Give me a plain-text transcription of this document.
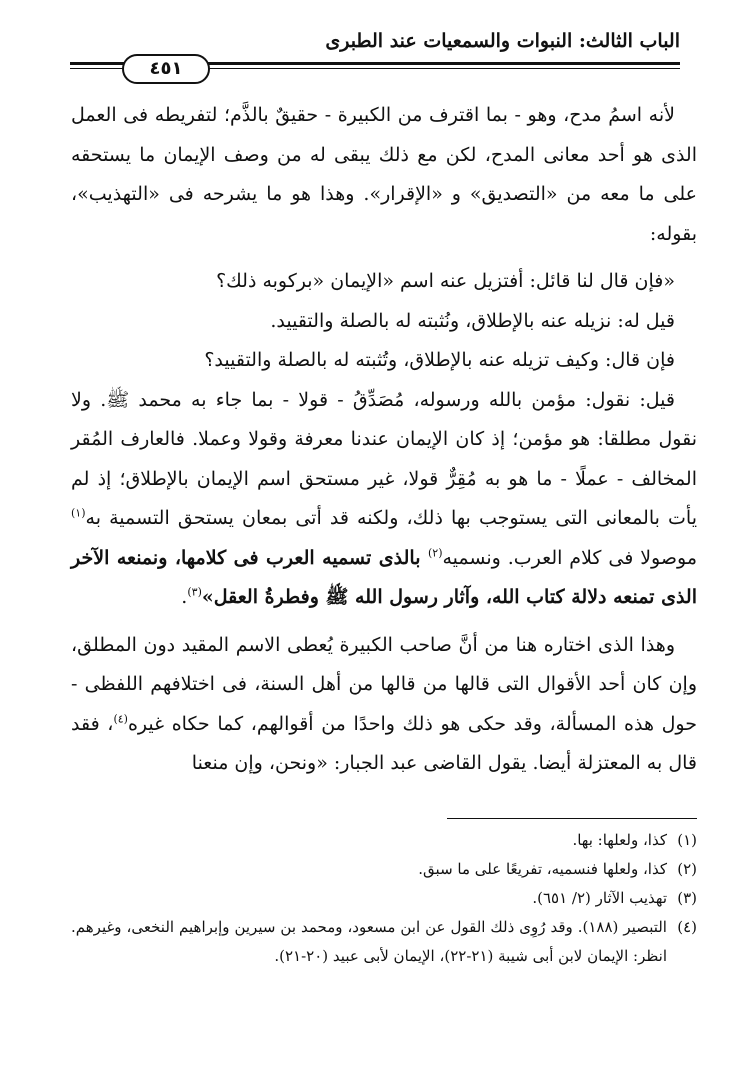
الباب الثالث: النبوات والسمعيات عند الطبرى
٤٥١

لأنه اسمُ مدح، وهو - بما اقترف من الكبيرة - حقيقٌ بالذَّم؛ لتفريطه فى العمل الذى هو أحد معانى المدح، لكن مع ذلك يبقى له من وصف الإيمان ما يستحقه على ما معه من «التصديق» و «الإقرار». وهذا هو ما يشرحه فى «التهذيب»، بقوله:

«فإن قال لنا قائل: أفتزيل عنه اسم «الإيمان «بركوبه ذلك؟

قيل له: نزيله عنه بالإطلاق، ونُثبته له بالصلة والتقييد.

فإن قال: وكيف تزيله عنه بالإطلاق، وتُثبته له بالصلة والتقييد؟

قيل: نقول: مؤمن بالله ورسوله، مُصَدِّقُ - قولا - بما جاء به محمد ﷺ. ولا نقول مطلقا: هو مؤمن؛ إذ كان الإيمان عندنا معرفة وقولا وعملا. فالعارف المُقر المخالف - عملًا - ما هو به مُقِرٌّ قولا، غير مستحق اسم الإيمان بالإطلاق؛ إذ لم يأت بالمعانى التى يستوجب بها ذلك، ولكنه قد أتى بمعان يستحق التسمية به$^{(١)}$ موصولا فى كلام العرب. ونسميه$^{(٢)}$ بالذى تسميه العرب فى كلامها، ونمنعه الآخر الذى تمنعه دلالة كتاب الله، وآثار رسول الله ﷺ وفطرةُ العقل»$^{(٣)}$.

وهذا الذى اختاره هنا من أنَّ صاحب الكبيرة يُعطى الاسم المقيد دون المطلق، وإن كان أحد الأقوال التى قالها من قالها من أهل السنة، فى اختلافهم اللفظى - حول هذه المسألة، وقد حكى هو ذلك واحدًا من أقوالهم، كما حكاه غيره$^{(٤)}$، فقد قال به المعتزلة أيضا. يقول القاضى عبد الجبار: «ونحن، وإن منعنا

(١)
كذا، ولعلها: بها.
(٢)
كذا، ولعلها فنسميه، تفريعًا على ما سبق.
(٣)
تهذيب الآثار (٢/ ٦٥١).
(٤)
التبصير (١٨٨). وقد رُوِى ذلك القول عن ابن مسعود، ومحمد بن سيرين وإبراهيم النخعى، وغيرهم. انظر: الإيمان لابن أبى شيبة (٢١-٢٢)، الإيمان لأبى عبيد (٢٠-٢١).
